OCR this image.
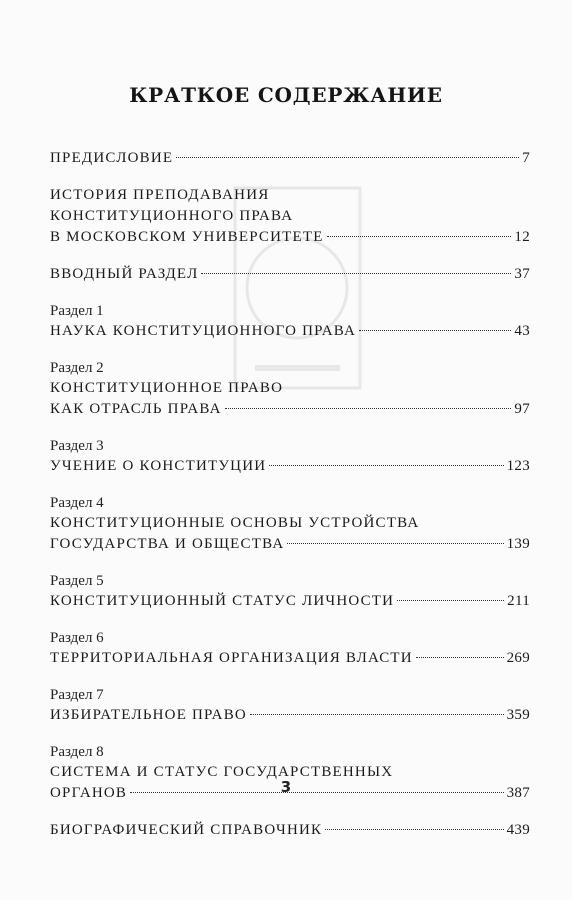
КРАТКОЕ СОДЕРЖАНИЕ
ПРЕДИСЛОВИЕ	7
ИСТОРИЯ ПРЕПОДАВАНИЯ
КОНСТИТУЦИОННОГО ПРАВА
В МОСКОВСКОМ УНИВЕРСИТЕТЕ	12
ВВОДНЫЙ РАЗДЕЛ	37
Раздел 1
НАУКА КОНСТИТУЦИОННОГО ПРАВА	43
Раздел 2
КОНСТИТУЦИОННОЕ ПРАВО
КАК ОТРАСЛЬ ПРАВА	97
Раздел 3
УЧЕНИЕ О КОНСТИТУЦИИ	123
Раздел 4
КОНСТИТУЦИОННЫЕ ОСНОВЫ УСТРОЙСТВА
ГОСУДАРСТВА И ОБЩЕСТВА	139
Раздел 5
КОНСТИТУЦИОННЫЙ СТАТУС ЛИЧНОСТИ	211
Раздел 6
ТЕРРИТОРИАЛЬНАЯ ОРГАНИЗАЦИЯ ВЛАСТИ	269
Раздел 7
ИЗБИРАТЕЛЬНОЕ ПРАВО	359
Раздел 8
СИСТЕМА И СТАТУС ГОСУДАРСТВЕННЫХ
ОРГАНОВ	387
БИОГРАФИЧЕСКИЙ СПРАВОЧНИК	439
3
